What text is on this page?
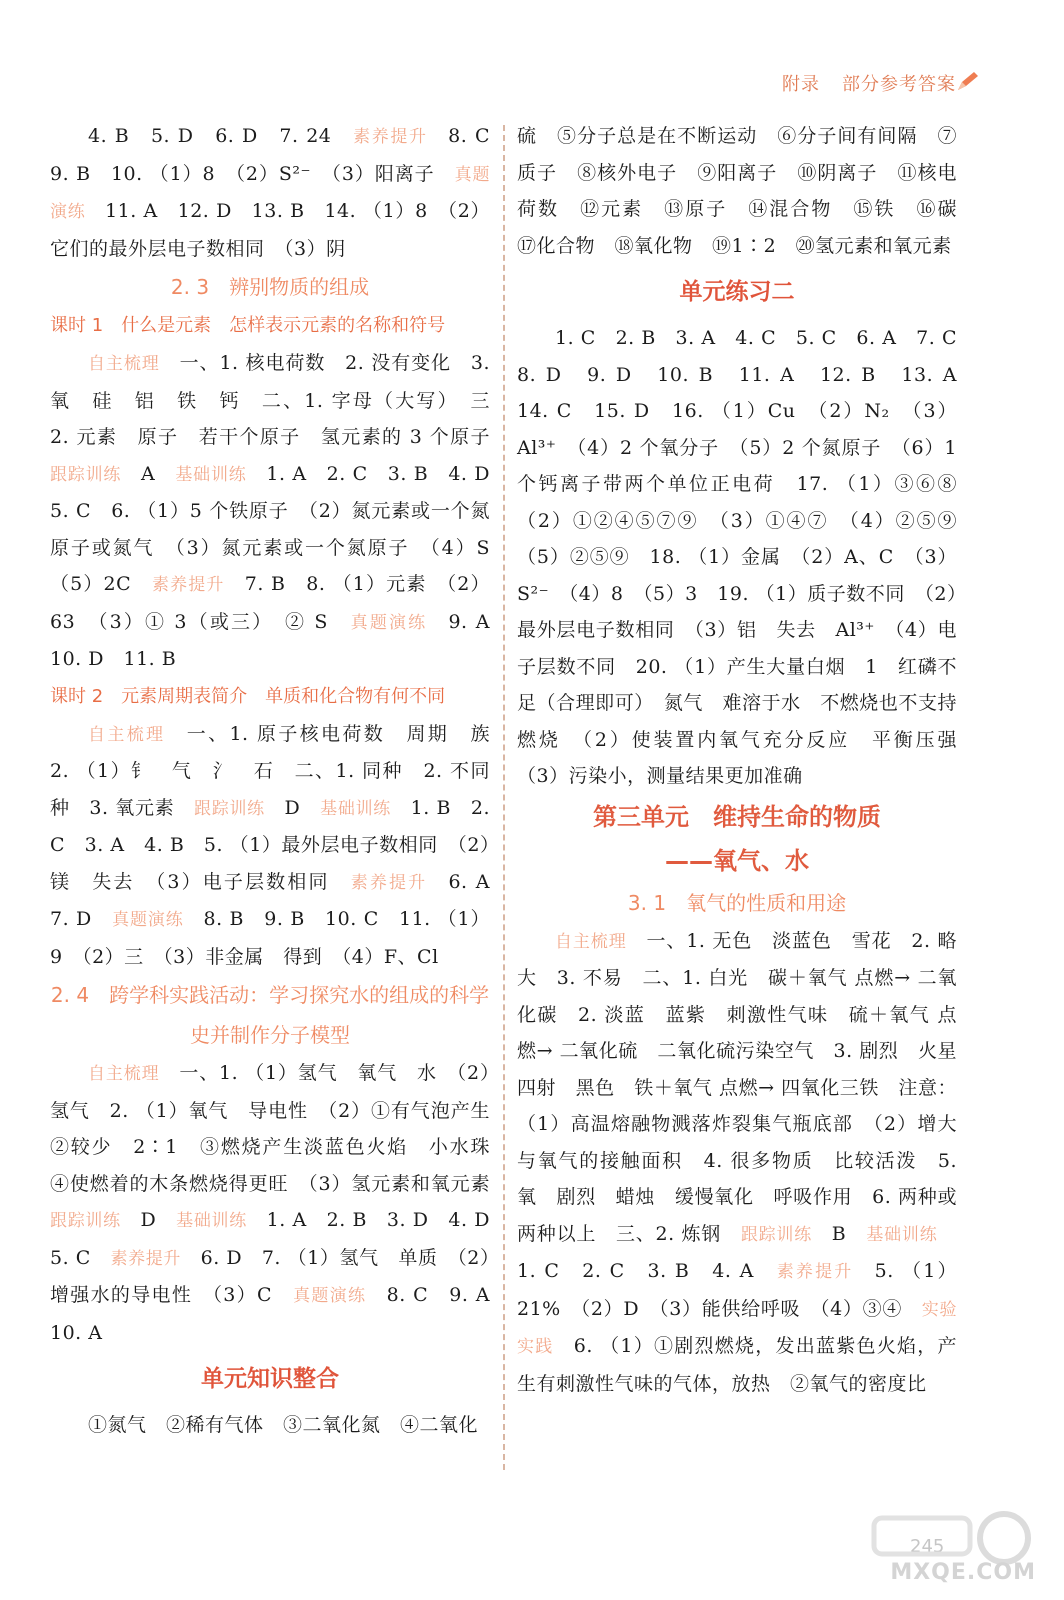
附录 部分参考答案

4. B　5. D　6. D　7. 24　素养提升　8. C　9. B　10. （1）8　（2）S²⁻　（3）阳离子　真题演练　11. A　12. D　13. B　14. （1）8　（2）它们的最外层电子数相同　（3）阴

2. 3　辨别物质的组成
课时 1　什么是元素　怎样表示元素的名称和符号

自主梳理　一、1. 核电荷数　2. 没有变化　3. 氧　硅　铝　铁　钙　二、1. 字母（大写）　三　2. 元素　原子　若干个原子　氢元素的 3 个原子　跟踪训练　A　基础训练　1. A　2. C　3. B　4. D　5. C　6. （1）5 个铁原子　（2）氮元素或一个氮原子或氮气　（3）氮元素或一个氮原子　（4）S　（5）2C　素养提升　7. B　8. （1）元素　（2）63　（3）① 3（或三）　② S　真题演练　9. A　10. D　11. B

课时 2　元素周期表简介　单质和化合物有何不同

自主梳理　一、1. 原子核电荷数　周期　族　2. （1）钅　气　氵　石　二、1. 同种　2. 不同种　3. 氧元素　跟踪训练　D　基础训练　1. B　2. C　3. A　4. B　5. （1）最外层电子数相同　（2）镁　失去　（3）电子层数相同　素养提升　6. A　7. D　真题演练　8. B　9. B　10. C　11. （1）9　（2）三　（3）非金属　得到　（4）F、Cl

2. 4　跨学科实践活动：学习探究水的组成的科学史并制作分子模型

自主梳理　一、1. （1）氢气　氧气　水　（2）氢气　2. （1）氧气　导电性　（2）①有气泡产生　②较少　2∶1　③燃烧产生淡蓝色火焰　小水珠　④使燃着的木条燃烧得更旺　（3）氢元素和氧元素　跟踪训练　D　基础训练　1. A　2. B　3. D　4. D　5. C　素养提升　6. D　7. （1）氢气　单质　（2）增强水的导电性　（3）C　真题演练　8. C　9. A　10. A

单元知识整合

①氮气　②稀有气体　③二氧化氮　④二氧化

硫　⑤分子总是在不断运动　⑥分子间有间隔　⑦质子　⑧核外电子　⑨阳离子　⑩阴离子　⑪核电荷数　⑫元素　⑬原子　⑭混合物　⑮铁　⑯碳　⑰化合物　⑱氧化物　⑲1∶2　⑳氢元素和氧元素

单元练习二

1. C　2. B　3. A　4. C　5. C　6. A　7. C　8. D　9. D　10. B　11. A　12. B　13. A　14. C　15. D　16. （1）Cu　（2）N₂　（3）Al³⁺　（4）2 个氧分子　（5）2 个氮原子　（6）1 个钙离子带两个单位正电荷　17. （1）③⑥⑧　（2）①②④⑤⑦⑨　（3）①④⑦　（4）②⑤⑨　（5）②⑤⑨　18. （1）金属　（2）A、C　（3）S²⁻　（4）8　（5）3　19. （1）质子数不同　（2）最外层电子数相同　（3）铝　失去　Al³⁺　（4）电子层数不同　20. （1）产生大量白烟　1　红磷不足（合理即可）　氮气　难溶于水　不燃烧也不支持燃烧　（2）使装置内氧气充分反应　平衡压强　（3）污染小，测量结果更加准确

第三单元　维持生命的物质
——氧气、水
3. 1　氧气的性质和用途

自主梳理　一、1. 无色　淡蓝色　雪花　2. 略大　3. 不易　二、1. 白光　碳＋氧气 点燃→ 二氧化碳　2. 淡蓝　蓝紫　刺激性气味　硫＋氧气 点燃→ 二氧化硫　二氧化硫污染空气　3. 剧烈　火星四射　黑色　铁＋氧气 点燃→ 四氧化三铁　注意：（1）高温熔融物溅落炸裂集气瓶底部　（2）增大与氧气的接触面积　4. 很多物质　比较活泼　5. 氧　剧烈　蜡烛　缓慢氧化　呼吸作用　6. 两种或两种以上　三、2. 炼钢　跟踪训练　B　基础训练　1. C　2. C　3. B　4. A　素养提升　5. （1）21%　（2）D　（3）能供给呼吸　（4）③④　实验实践　6. （1）①剧烈燃烧，发出蓝紫色火焰，产生有刺激性气味的气体，放热　②氧气的密度比

245
MXQE.COM
